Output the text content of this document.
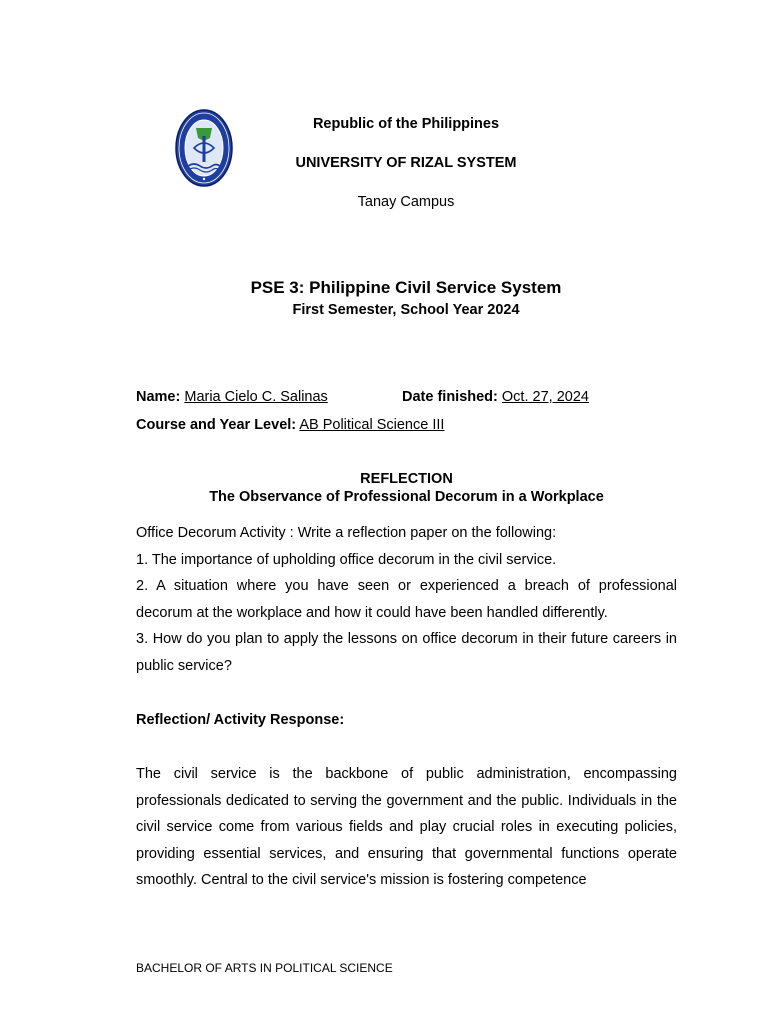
Republic of the Philippines
UNIVERSITY OF RIZAL SYSTEM
Tanay Campus
PSE 3: Philippine Civil Service System
First Semester, School Year 2024
Name: Maria Cielo C. Salinas	Date finished: Oct. 27, 2024
Course and Year Level: AB Political Science III
REFLECTION
The Observance of Professional Decorum in a Workplace

Office Decorum Activity : Write a reflection paper on the following:

1. The importance of upholding office decorum in the civil service.

2. A situation where you have seen or experienced a breach of professional decorum at the workplace and how it could have been handled differently.

3. How do you plan to apply the lessons on office decorum in their future careers in public service?

Reflection/ Activity Response:

The civil service is the backbone of public administration, encompassing professionals dedicated to serving the government and the public. Individuals in the civil service come from various fields and play crucial roles in executing policies, providing essential services, and ensuring that governmental functions operate smoothly. Central to the civil service's mission is fostering competence

BACHELOR OF ARTS IN POLITICAL SCIENCE
